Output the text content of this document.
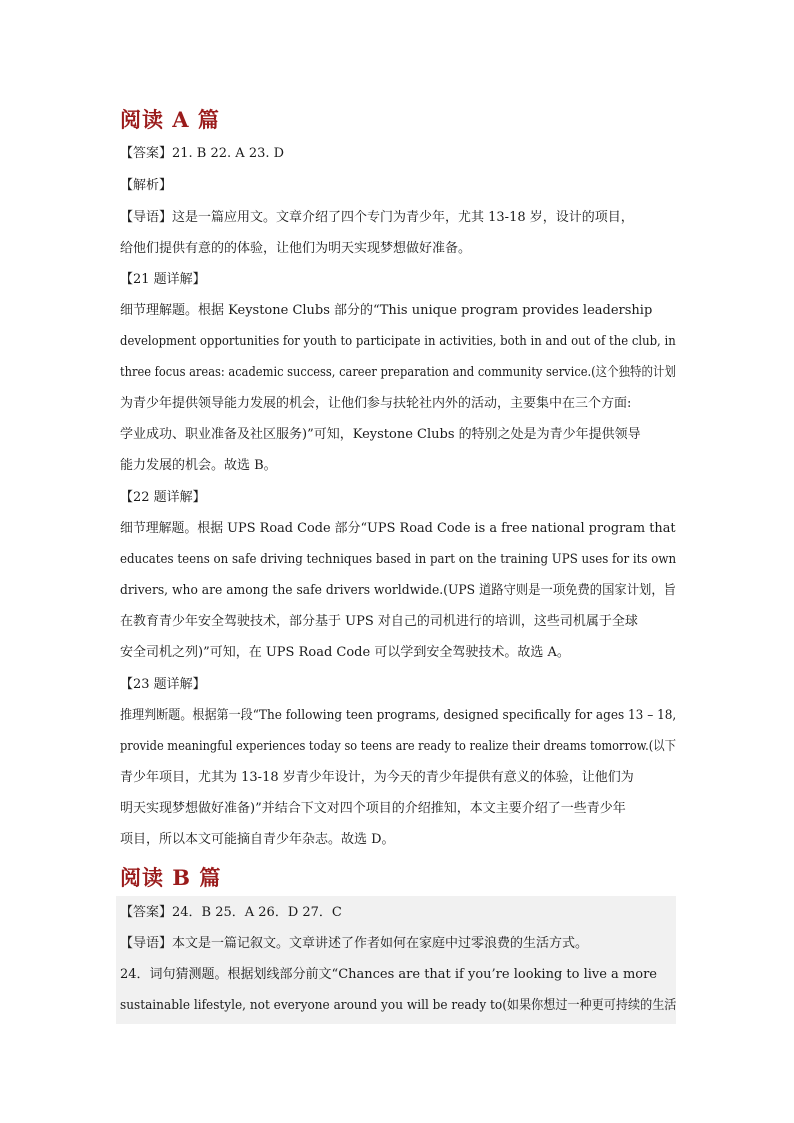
阅读 A 篇

【答案】21. B 22. A 23. D

【解析】

【导语】这是一篇应用文。文章介绍了四个专门为青少年，尤其 13-18 岁，设计的项目，

给他们提供有意的的体验，让他们为明天实现梦想做好准备。

【21 题详解】

细节理解题。根据 Keystone Clubs 部分的“This unique program provides leadership

development opportunities for youth to participate in activities, both in and out of the club, in

three focus areas: academic success, career preparation and community service.(这个独特的计划

为青少年提供领导能力发展的机会，让他们参与扶轮社内外的活动，主要集中在三个方面:

学业成功、职业准备及社区服务)”可知，Keystone Clubs 的特别之处是为青少年提供领导

能力发展的机会。故选 B。

【22 题详解】

细节理解题。根据 UPS Road Code 部分“UPS Road Code is a free national program that

educates teens on safe driving techniques based in part on the training UPS uses for its own

drivers, who are among the safe drivers worldwide.(UPS 道路守则是一项免费的国家计划，旨

在教育青少年安全驾驶技术，部分基于 UPS 对自己的司机进行的培训，这些司机属于全球

安全司机之列)”可知，在 UPS Road Code 可以学到安全驾驶技术。故选 A。

【23 题详解】

推理判断题。根据第一段“The following teen programs, designed specifically for ages 13 – 18,

provide meaningful experiences today so teens are ready to realize their dreams tomorrow.(以下

青少年项目，尤其为 13-18 岁青少年设计，为今天的青少年提供有意义的体验，让他们为

明天实现梦想做好准备)”并结合下文对四个项目的介绍推知，本文主要介绍了一些青少年

项目，所以本文可能摘自青少年杂志。故选 D。

阅读 B 篇

【答案】24．B 25．A 26．D 27．C

【导语】本文是一篇记叙文。文章讲述了作者如何在家庭中过零浪费的生活方式。

24．词句猜测题。根据划线部分前文“Chances are that if you’re looking to live a more

sustainable lifestyle, not everyone around you will be ready to(如果你想过一种更可持续的生活
